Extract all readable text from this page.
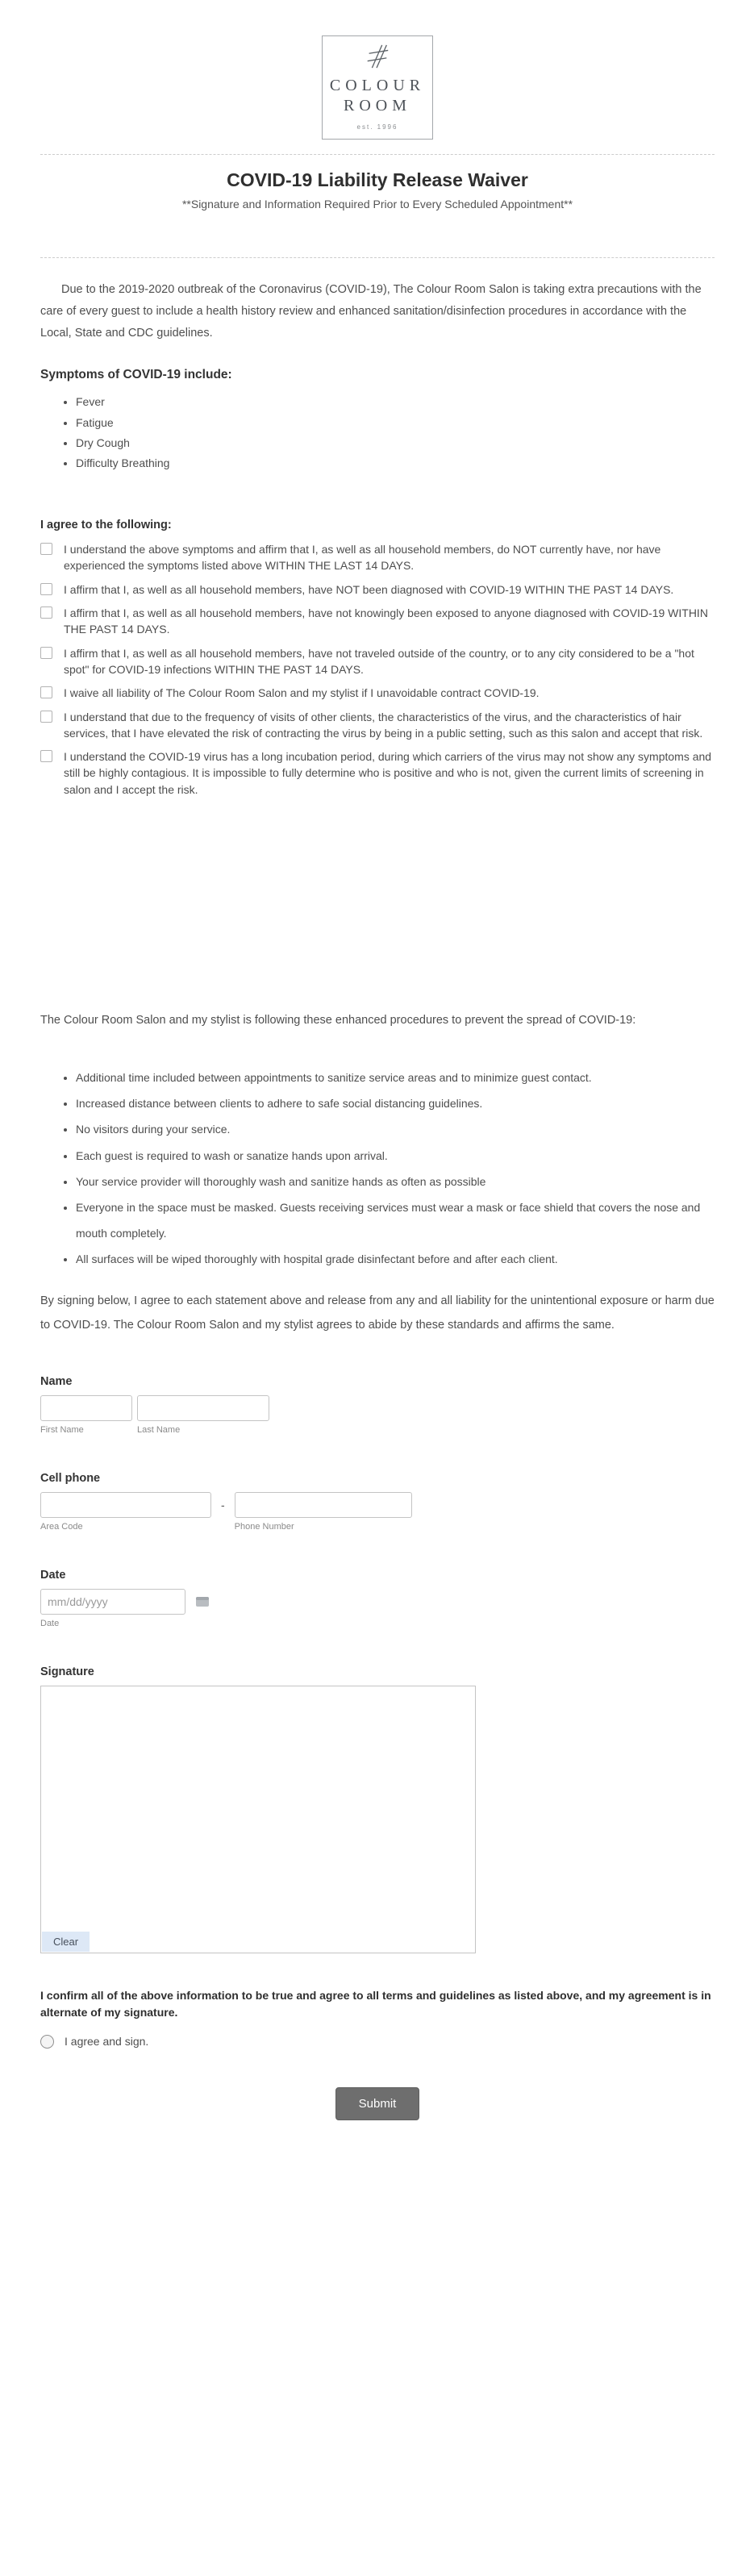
COLOUR
ROOM
est. 1996
COVID-19 Liability Release Waiver

**Signature and Information Required Prior to Every Scheduled Appointment**

Due to the 2019-2020 outbreak of the Coronavirus (COVID-19), The Colour Room Salon is taking extra precautions with the care of every guest to include a health history review and enhanced sanitation/disinfection procedures in accordance with the Local, State and CDC guidelines.

Symptoms of COVID-19 include:
• Fever
• Fatigue
• Dry Cough
• Difficulty Breathing
I agree to the following:
I understand the above symptoms and affirm that I, as well as all household members, do NOT currently have, nor have experienced the symptoms listed above WITHIN THE LAST 14 DAYS.
I affirm that I, as well as all household members, have NOT been diagnosed with COVID-19 WITHIN THE PAST 14 DAYS.
I affirm that I, as well as all household members, have not knowingly been exposed to anyone diagnosed with COVID-19 WITHIN THE PAST 14 DAYS.
I affirm that I, as well as all household members, have not traveled outside of the country, or to any city considered to be a "hot spot" for COVID-19 infections WITHIN THE PAST 14 DAYS.
I waive all liability of The Colour Room Salon and my stylist if I unavoidable contract COVID-19.
I understand that due to the frequency of visits of other clients, the characteristics of the virus, and the characteristics of hair services, that I have elevated the risk of contracting the virus by being in a public setting, such as this salon and accept that risk.
I understand the COVID-19 virus has a long incubation period, during which carriers of the virus may not show any symptoms and still be highly contagious. It is impossible to fully determine who is positive and who is not, given the current limits of screening in salon and I accept the risk.

The Colour Room Salon and my stylist is following these enhanced procedures to prevent the spread of COVID-19:

• Additional time included between appointments to sanitize service areas and to minimize guest contact.
• Increased distance between clients to adhere to safe social distancing guidelines.
• No visitors during your service.
• Each guest is required to wash or sanatize hands upon arrival.
• Your service provider will thoroughly wash and sanitize hands as often as possible
• Everyone in the space must be masked. Guests receiving services must wear a mask or face shield that covers the nose and mouth completely.
• All surfaces will be wiped thoroughly with hospital grade disinfectant before and after each client.

By signing below, I agree to each statement above and release from any and all liability for the unintentional exposure or harm due to COVID-19. The Colour Room Salon and my stylist agrees to abide by these standards and affirms the same.

Name
First Name	Last Name
Cell phone
Area Code
-
Phone Number
Date
mm/dd/yyyy
Date
Signature
Clear

I confirm all of the above information to be true and agree to all terms and guidelines as listed above, and my agreement is in alternate of my signature.

I agree and sign.
Submit
